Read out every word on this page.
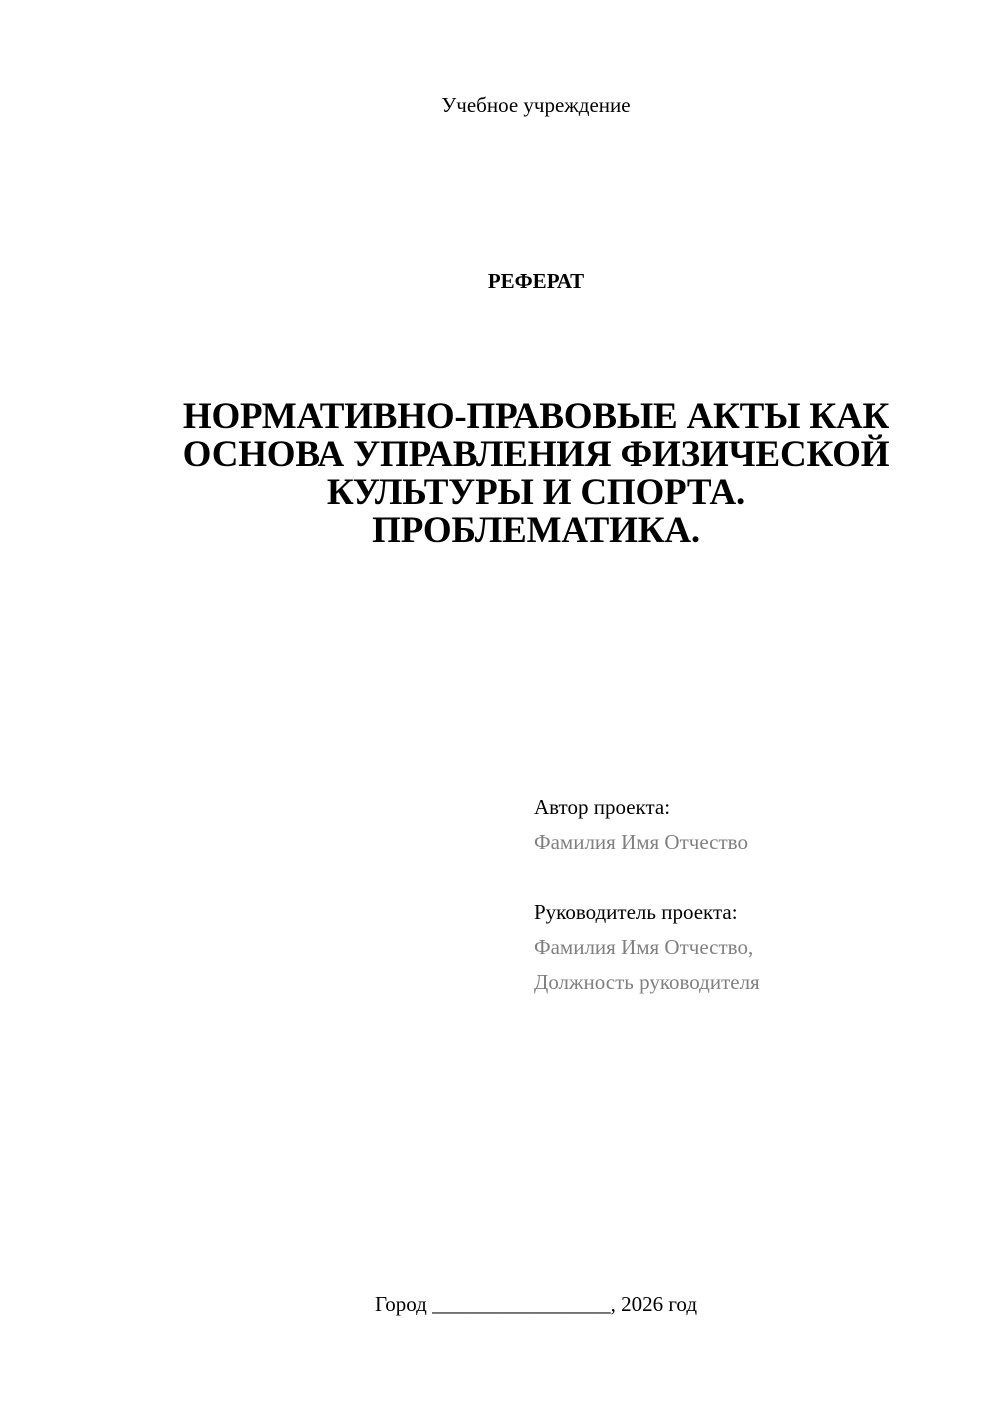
Учебное учреждение
РЕФЕРАТ
НОРМАТИВНО-ПРАВОВЫЕ АКТЫ КАК
ОСНОВА УПРАВЛЕНИЯ ФИЗИЧЕСКОЙ
КУЛЬТУРЫ И СПОРТА.
ПРОБЛЕМАТИКА.
Автор проекта:
Фамилия Имя Отчество
Руководитель проекта:
Фамилия Имя Отчество,
Должность руководителя
Город _________________, 2026 год
